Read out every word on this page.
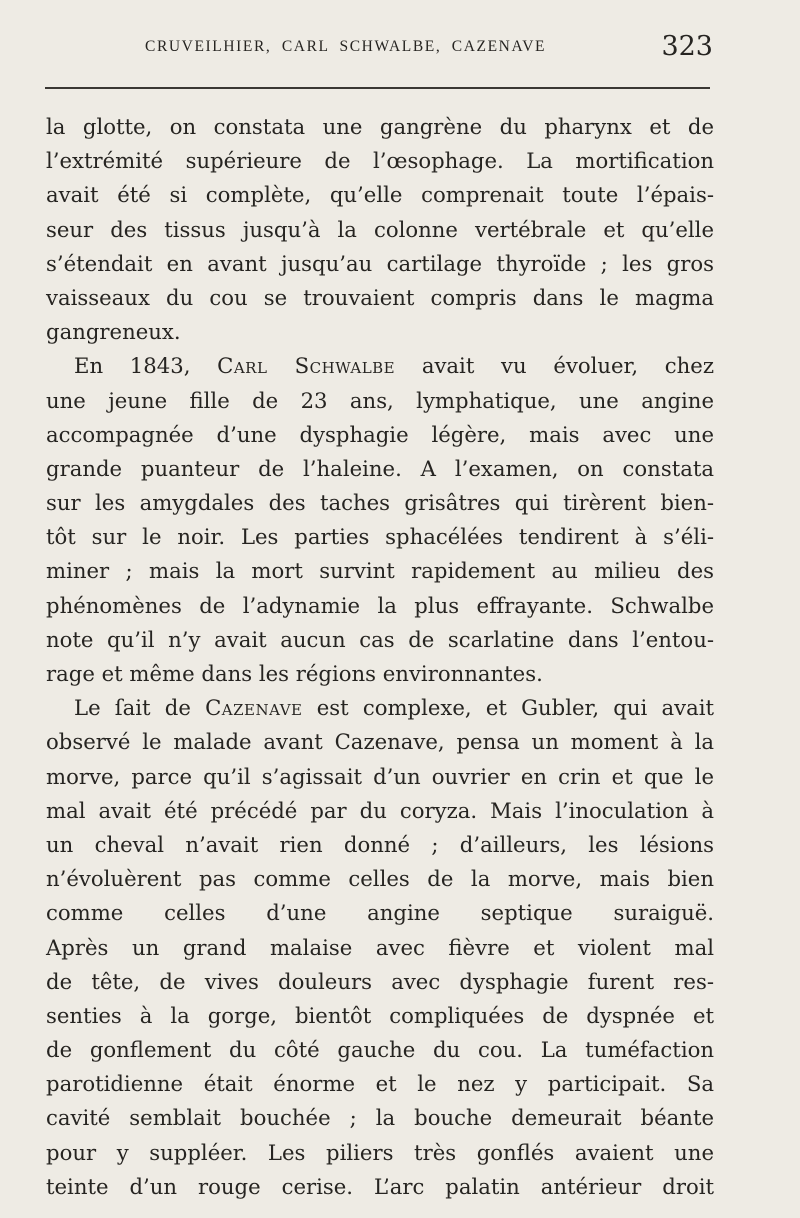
CRUVEILHIER, CARL SCHWALBE, CAZENAVE	323
la glotte, on constata une gangrène du pharynx et de
l’extrémité supérieure de l’œsophage. La mortification
avait été si complète, qu’elle comprenait toute l’épais-
seur des tissus jusqu’à la colonne vertébrale et qu’elle
s’étendait en avant jusqu’au cartilage thyroïde ; les gros
vaisseaux du cou se trouvaient compris dans le magma
gangreneux.
En 1843, Carl Schwalbe avait vu évoluer, chez
une jeune fille de 23 ans, lymphatique, une angine
accompagnée d’une dysphagie légère, mais avec une
grande puanteur de l’haleine. A l’examen, on constata
sur les amygdales des taches grisâtres qui tirèrent bien-
tôt sur le noir. Les parties sphacélées tendirent à s’éli-
miner ; mais la mort survint rapidement au milieu des
phénomènes de l’adynamie la plus effrayante. Schwalbe
note qu’il n’y avait aucun cas de scarlatine dans l’entou-
rage et même dans les régions environnantes.
Le ſait de Cazenave est complexe, et Gubler, qui avait
observé le malade avant Cazenave, pensa un moment à la
morve, parce qu’il s’agissait d’un ouvrier en crin et que le
mal avait été précédé par du coryza. Mais l’inoculation à
un cheval n’avait rien donné ; d’ailleurs, les lésions
n’évoluèrent pas comme celles de la morve, mais bien
comme celles d’une angine septique suraiguë.
Après un grand malaise avec fièvre et violent mal
de tête, de vives douleurs avec dysphagie furent res-
senties à la gorge, bientôt compliquées de dyspnée et
de gonflement du côté gauche du cou. La tuméfaction
parotidienne était énorme et le nez y participait. Sa
cavité semblait bouchée ; la bouche demeurait béante
pour y suppléer. Les piliers très gonflés avaient une
teinte d’un rouge cerise. L’arc palatin antérieur droit
